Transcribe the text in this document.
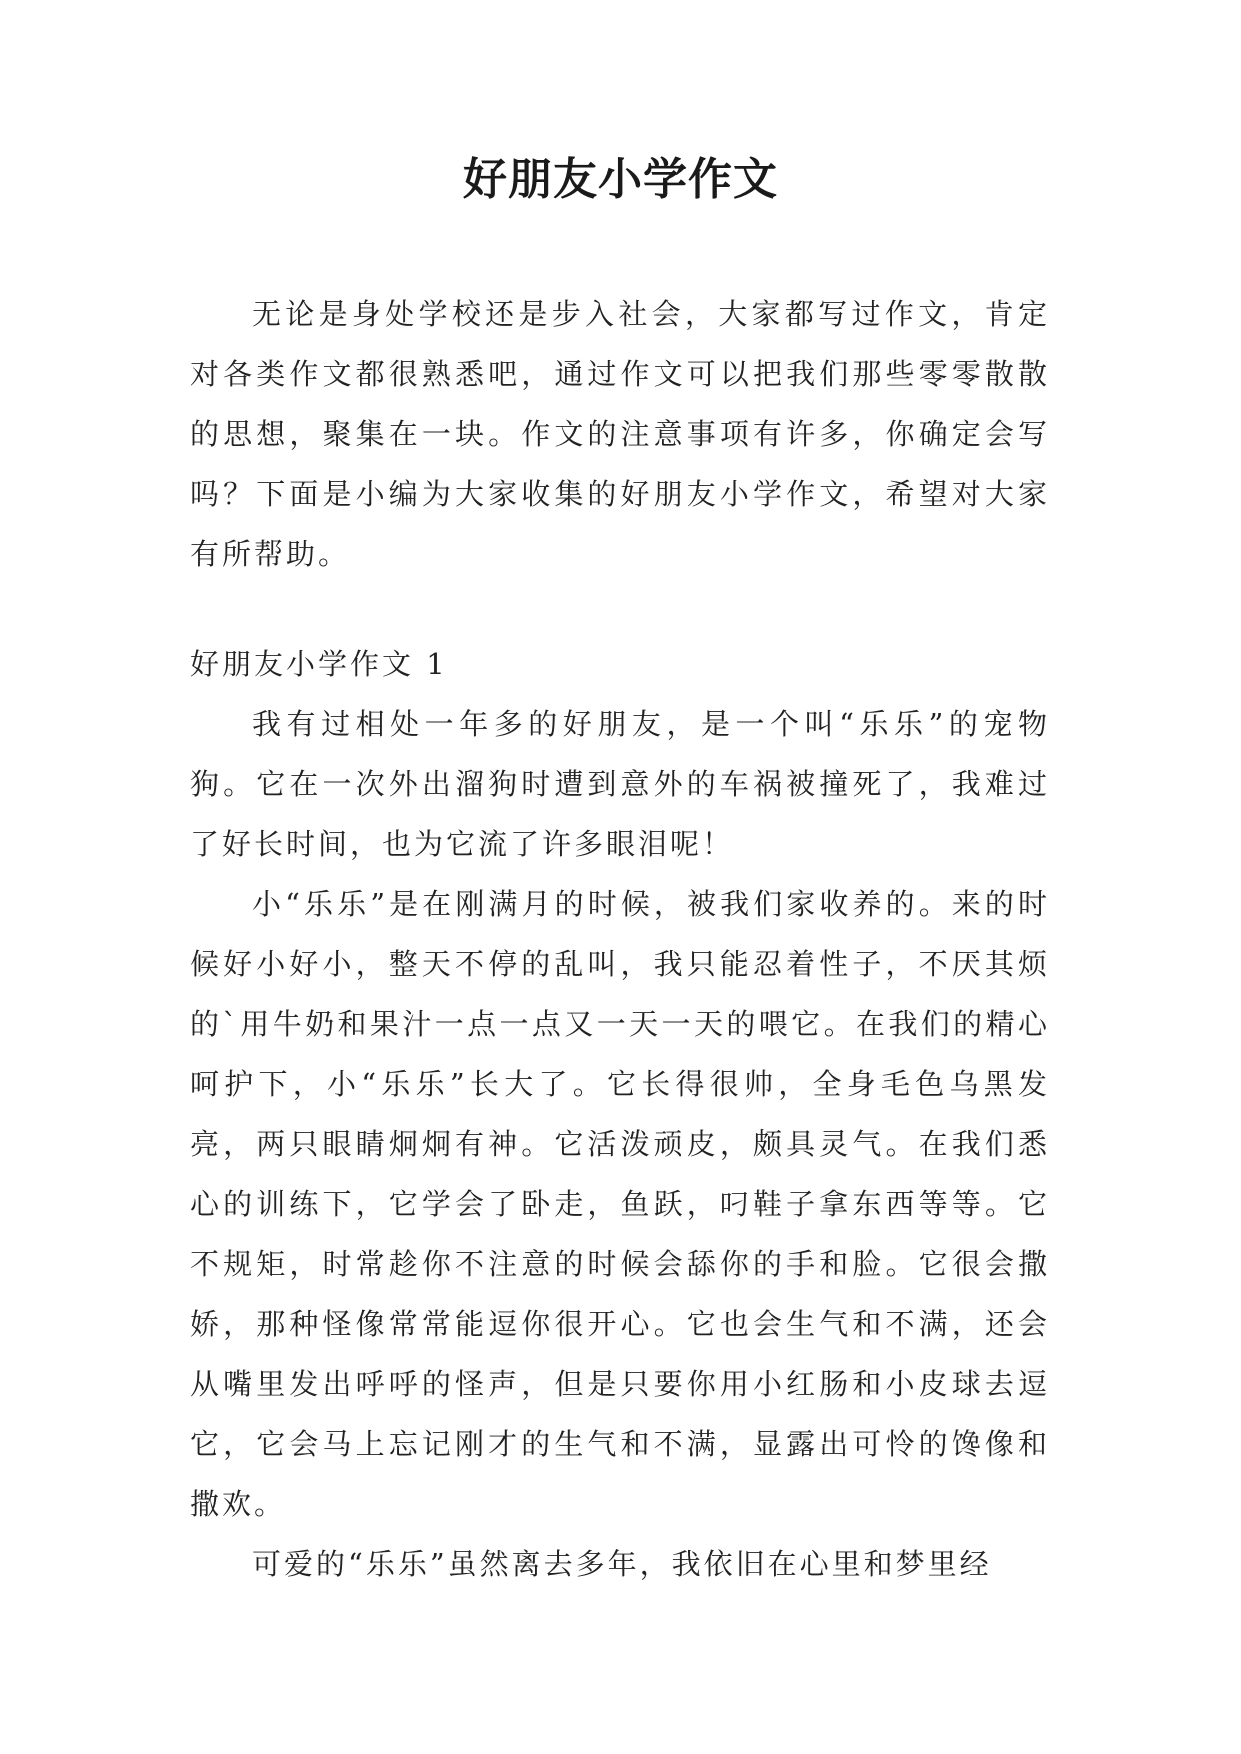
好朋友小学作文

无论是身处学校还是步入社会，大家都写过作文，肯定对各类作文都很熟悉吧，通过作文可以把我们那些零零散散的思想，聚集在一块。作文的注意事项有许多，你确定会写吗？下面是小编为大家收集的好朋友小学作文，希望对大家有所帮助。

好朋友小学作文 1

我有过相处一年多的好朋友，是一个叫“乐乐”的宠物狗。它在一次外出溜狗时遭到意外的车祸被撞死了，我难过了好长时间，也为它流了许多眼泪呢！

小“乐乐”是在刚满月的时候，被我们家收养的。来的时候好小好小，整天不停的乱叫，我只能忍着性子，不厌其烦的`用牛奶和果汁一点一点又一天一天的喂它。在我们的精心呵护下，小“乐乐”长大了。它长得很帅，全身毛色乌黑发亮，两只眼睛炯炯有神。它活泼顽皮，颇具灵气。在我们悉心的训练下，它学会了卧走，鱼跃，叼鞋子拿东西等等。它不规矩，时常趁你不注意的时候会舔你的手和脸。它很会撒娇，那种怪像常常能逗你很开心。它也会生气和不满，还会从嘴里发出呼呼的怪声，但是只要你用小红肠和小皮球去逗它，它会马上忘记刚才的生气和不满，显露出可怜的馋像和撒欢。

可爱的“乐乐”虽然离去多年，我依旧在心里和梦里经
